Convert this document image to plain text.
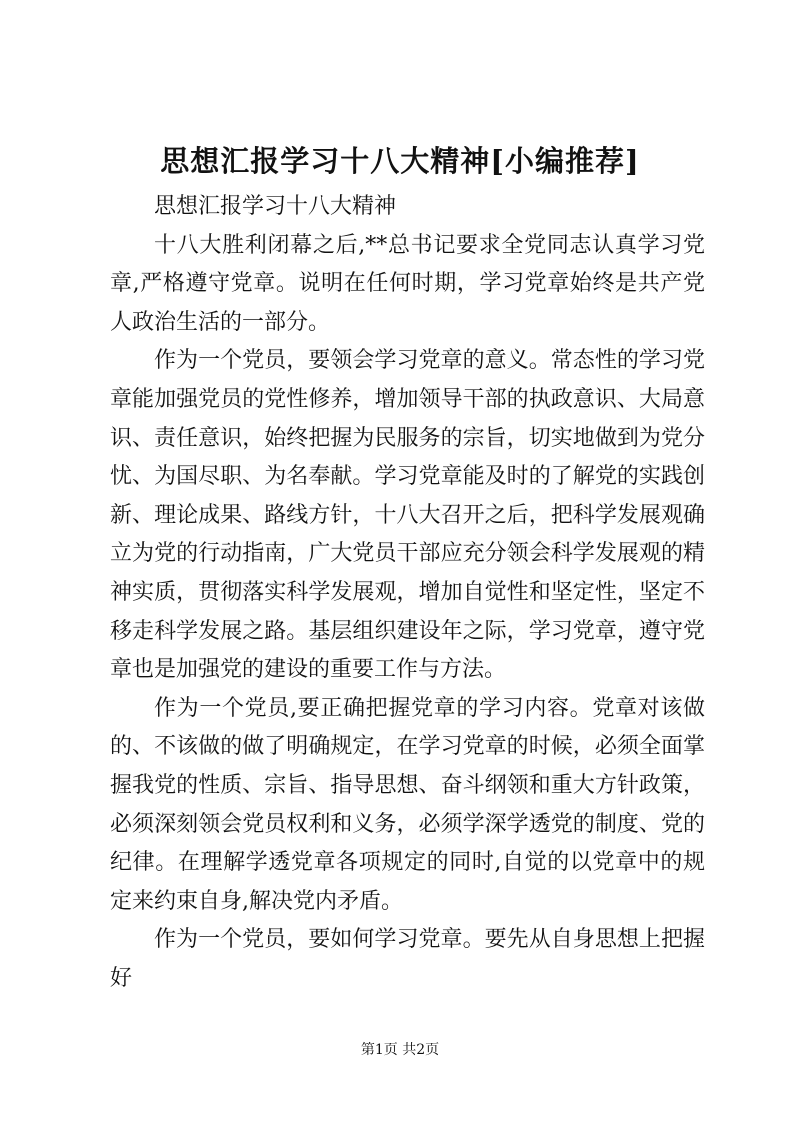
思想汇报学习十八大精神[小编推荐]

思想汇报学习十八大精神

十八大胜利闭幕之后,**总书记要求全党同志认真学习党章,严格遵守党章。说明在任何时期，学习党章始终是共产党人政治生活的一部分。

作为一个党员，要领会学习党章的意义。常态性的学习党章能加强党员的党性修养，增加领导干部的执政意识、大局意识、责任意识，始终把握为民服务的宗旨，切实地做到为党分忧、为国尽职、为名奉献。学习党章能及时的了解党的实践创新、理论成果、路线方针，十八大召开之后，把科学发展观确立为党的行动指南，广大党员干部应充分领会科学发展观的精神实质，贯彻落实科学发展观，增加自觉性和坚定性，坚定不移走科学发展之路。基层组织建设年之际，学习党章，遵守党章也是加强党的建设的重要工作与方法。

作为一个党员,要正确把握党章的学习内容。党章对该做的、不该做的做了明确规定，在学习党章的时候，必须全面掌握我党的性质、宗旨、指导思想、奋斗纲领和重大方针政策，必须深刻领会党员权利和义务，必须学深学透党的制度、党的纪律。在理解学透党章各项规定的同时,自觉的以党章中的规定来约束自身,解决党内矛盾。

作为一个党员，要如何学习党章。要先从自身思想上把握好

第1页 共2页
